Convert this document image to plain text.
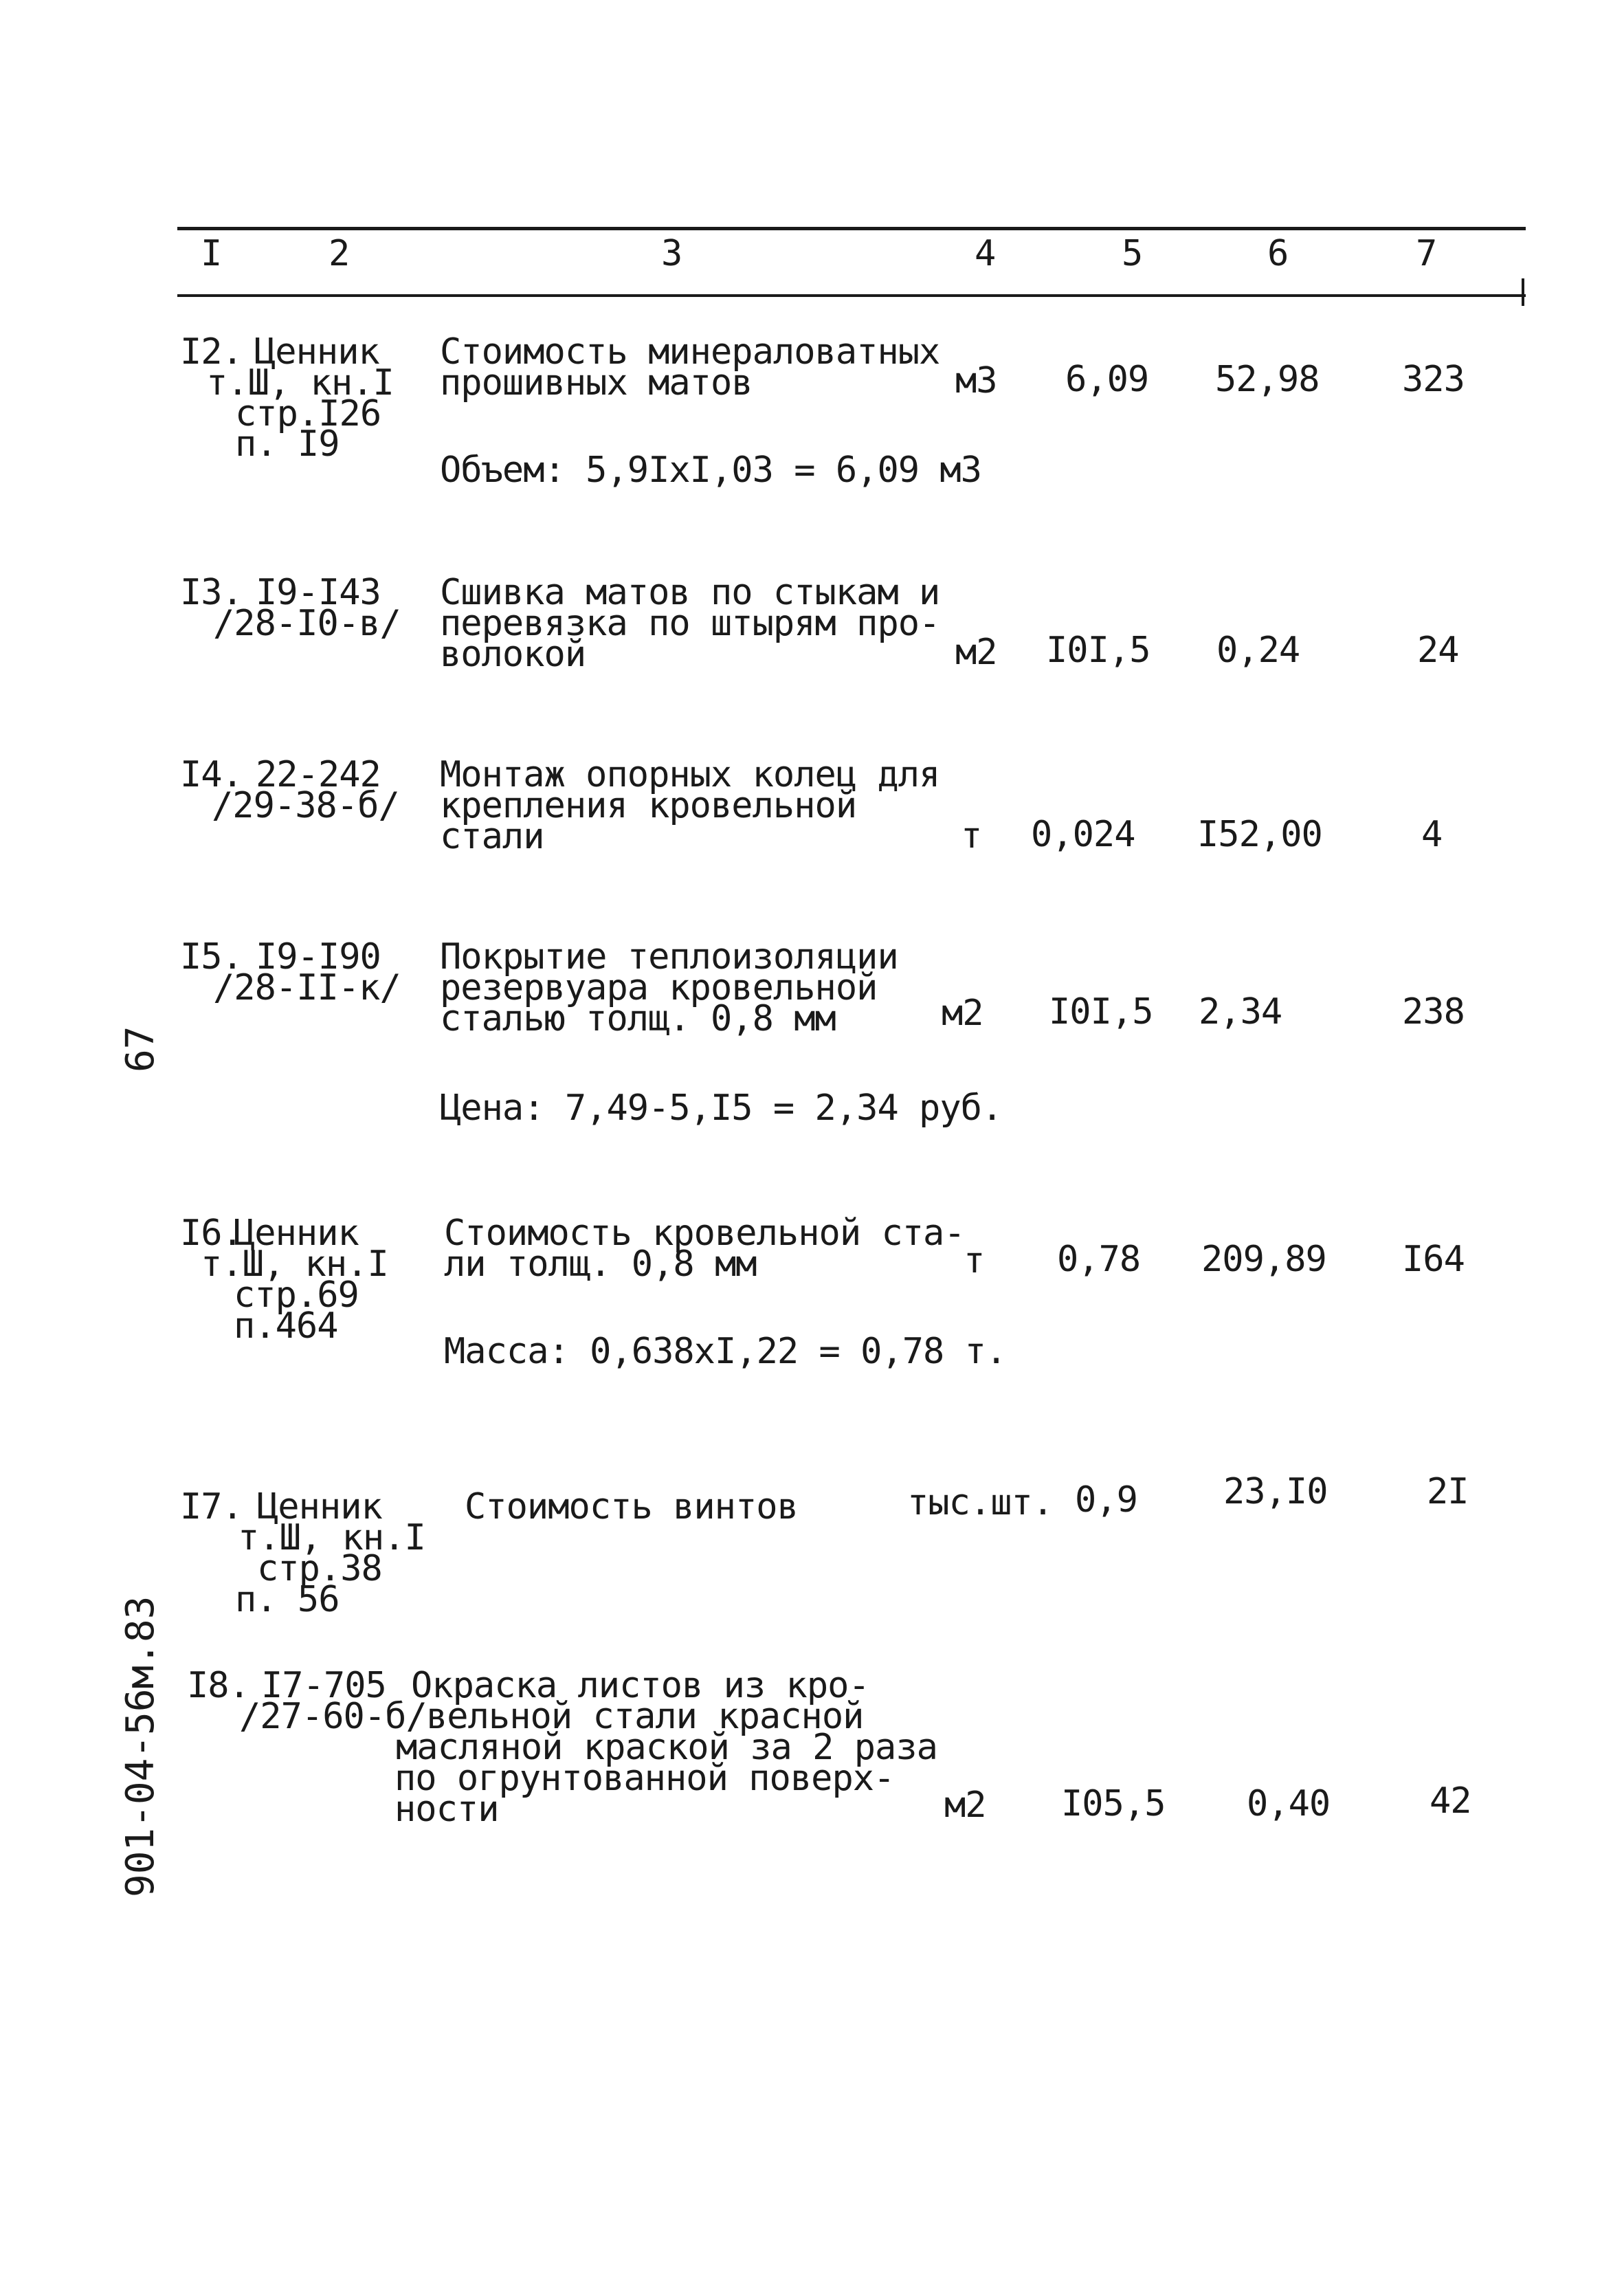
I	2	3	4	5	6	7
I2. Ценник
т.Ш, кн.I
стр.I26
п. I9
Стоимость минераловатных
прошивных матов	м3 6,09 52,98 323
Объем: 5,9IхI,03 = 6,09 м3
I3. I9-I43
/28-I0-в/
Сшивка матов по стыкам и
перевязка по штырям про-
волокой	м2 I0I,5 0,24	24
I4. 22-242
/29-38-б/
Монтаж опорных колец для
крепления кровельной
стали	т 0,024 I52,00	4
I5. I9-I90
/28-II-к/
Покрытие теплоизоляции
резервуара кровельной
сталью толщ. 0,8 мм	м2 I0I,5 2,34	238
Цена: 7,49-5,I5 = 2,34 руб.
I6.
Ценник
т.Ш, кн.I
стр.69
п.464
Стоимость кровельной ста-
ли толщ. 0,8 мм	т 0,78 209,89 I64
Масса: 0,638хI,22 = 0,78 т.
I7. Ценник
т.Ш, кн.I
стр.38
п. 56
Стоимость винтов	тыс.шт. 0,9 23,I0	2I
I8. I7-705
/27-60-б/
Окраска листов из кро-
вельной стали красной
масляной краской за 2 раза
по огрунтованной поверх-
ности	м2 I05,5 0,40	42
67
901-04-56м.83
